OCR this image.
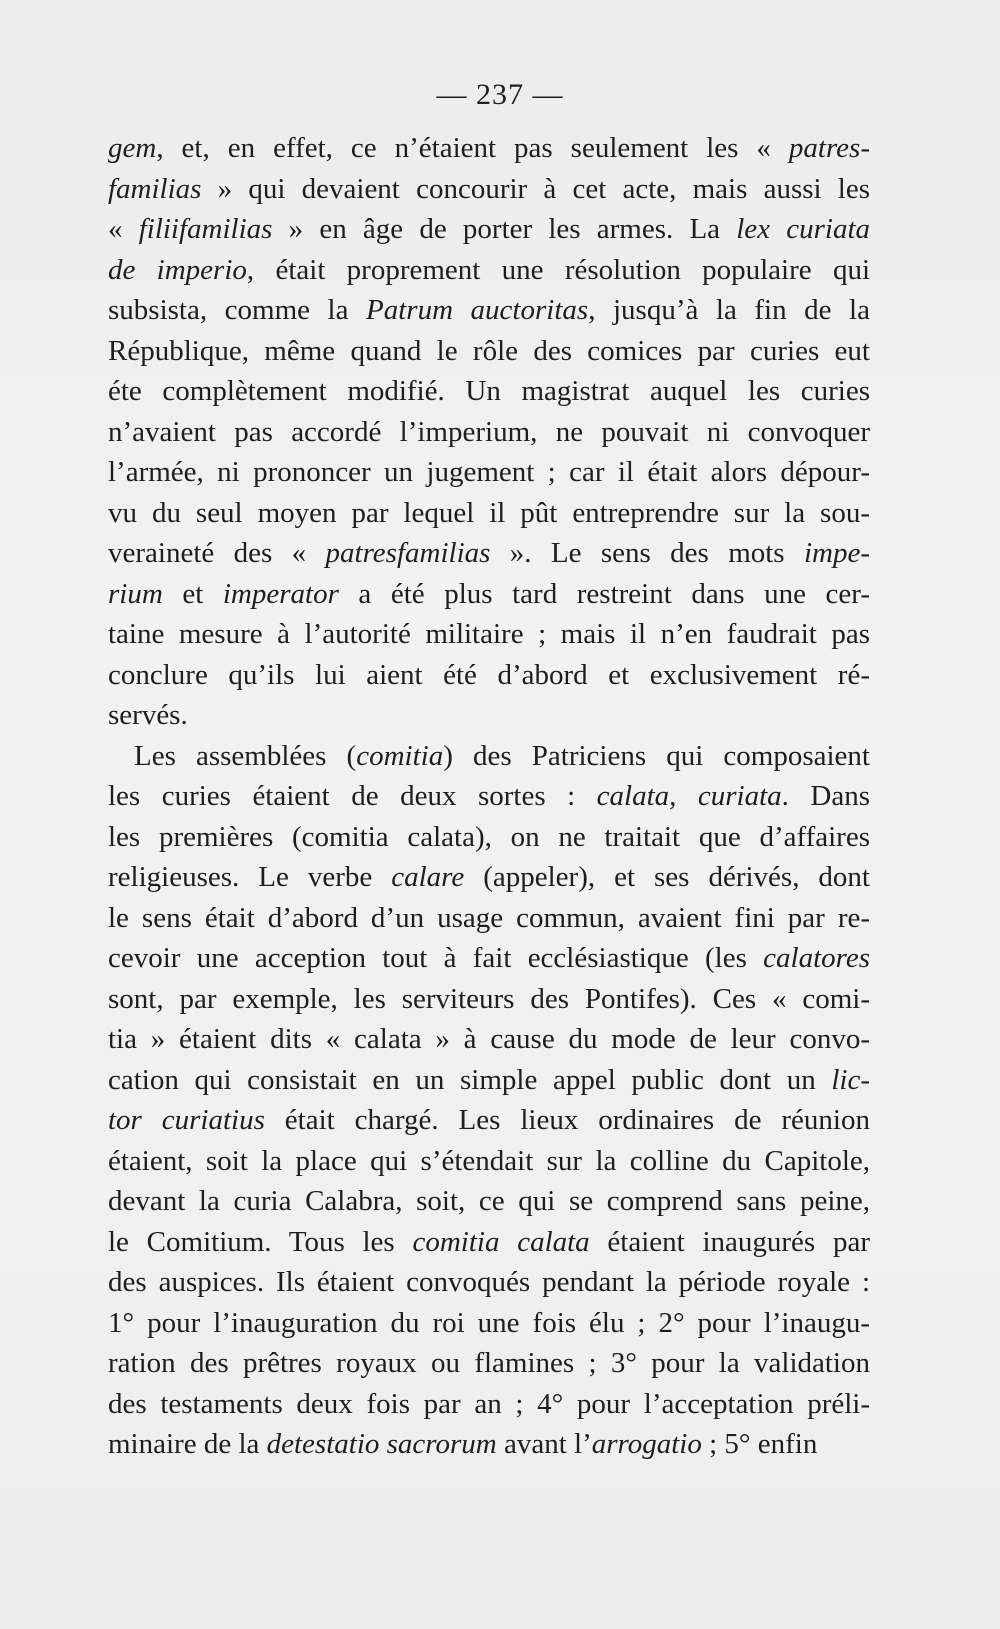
— 237 —
gem, et, en effet, ce n’étaient pas seulement les « patres-
familias » qui devaient concourir à cet acte, mais aussi les
« filiifamilias » en âge de porter les armes. La lex curiata
de imperio, était proprement une résolution populaire qui
subsista, comme la Patrum auctoritas, jusqu’à la fin de la
République, même quand le rôle des comices par curies eut
éte complètement modifié. Un magistrat auquel les curies
n’avaient pas accordé l’imperium, ne pouvait ni convoquer
l’armée, ni prononcer un jugement ; car il était alors dépour-
vu du seul moyen par lequel il pût entreprendre sur la sou-
veraineté des « patresfamilias ». Le sens des mots impe-
rium et imperator a été plus tard restreint dans une cer-
taine mesure à l’autorité militaire ; mais il n’en faudrait pas
conclure qu’ils lui aient été d’abord et exclusivement ré-
servés.
Les assemblées (comitia) des Patriciens qui composaient
les curies étaient de deux sortes : calata, curiata. Dans
les premières (comitia calata), on ne traitait que d’affaires
religieuses. Le verbe calare (appeler), et ses dérivés, dont
le sens était d’abord d’un usage commun, avaient fini par re-
cevoir une acception tout à fait ecclésiastique (les calatores
sont, par exemple, les serviteurs des Pontifes). Ces « comi-
tia » étaient dits « calata » à cause du mode de leur convo-
cation qui consistait en un simple appel public dont un lic-
tor curiatius était chargé. Les lieux ordinaires de réunion
étaient, soit la place qui s’étendait sur la colline du Capitole,
devant la curia Calabra, soit, ce qui se comprend sans peine,
le Comitium. Tous les comitia calata étaient inaugurés par
des auspices. Ils étaient convoqués pendant la période royale :
1° pour l’inauguration du roi une fois élu ; 2° pour l’inaugu-
ration des prêtres royaux ou flamines ; 3° pour la validation
des testaments deux fois par an ; 4° pour l’acceptation préli-
minaire de la detestatio sacrorum avant l’arrogatio ; 5° enfin
